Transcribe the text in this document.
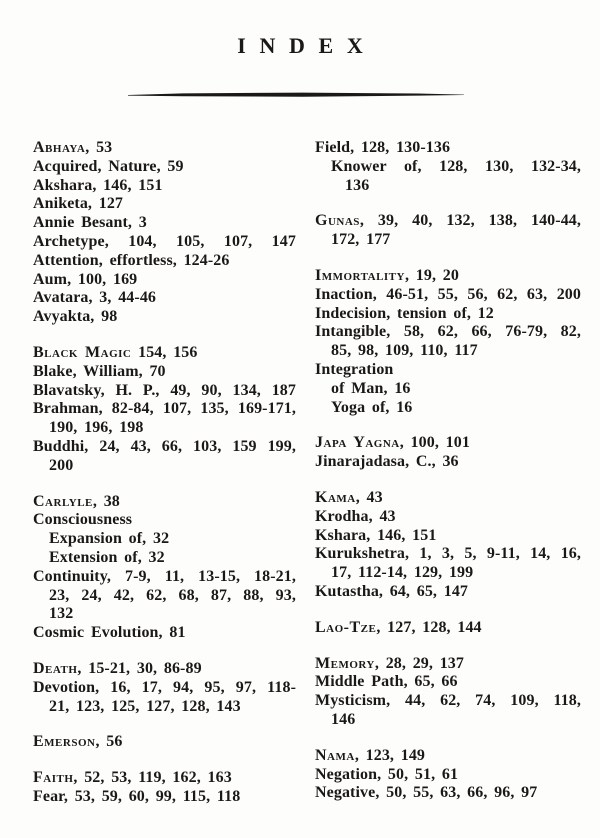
INDEX
Abhaya, 53
Acquired, Nature, 59
Akshara, 146, 151
Aniketa, 127
Annie Besant, 3
Archetype, 104, 105, 107, 147
Attention, effortless, 124-26
Aum, 100, 169
Avatara, 3, 44-46
Avyakta, 98
Black Magic 154, 156
Blake, William, 70
Blavatsky, H. P., 49, 90, 134, 187
Brahman, 82-84, 107, 135, 169-171,
190, 196, 198
Buddhi, 24, 43, 66, 103, 159 199,
200
Carlyle, 38
Consciousness
Expansion of, 32
Extension of, 32
Continuity, 7-9, 11, 13-15, 18-21,
23, 24, 42, 62, 68, 87, 88, 93,
132
Cosmic Evolution, 81
Death, 15-21, 30, 86-89
Devotion, 16, 17, 94, 95, 97, 118-
21, 123, 125, 127, 128, 143
Emerson, 56
Faith, 52, 53, 119, 162, 163
Fear, 53, 59, 60, 99, 115, 118
Field, 128, 130-136
Knower of, 128, 130, 132-34,
136
Gunas, 39, 40, 132, 138, 140-44,
172, 177
Immortality, 19, 20
Inaction, 46-51, 55, 56, 62, 63, 200
Indecision, tension of, 12
Intangible, 58, 62, 66, 76-79, 82,
85, 98, 109, 110, 117
Integration
of Man, 16
Yoga of, 16
Japa Yagna, 100, 101
Jinarajadasa, C., 36
Kama, 43
Krodha, 43
Kshara, 146, 151
Kurukshetra, 1, 3, 5, 9-11, 14, 16,
17, 112-14, 129, 199
Kutastha, 64, 65, 147
Lao-Tze, 127, 128, 144
Memory, 28, 29, 137
Middle Path, 65, 66
Mysticism, 44, 62, 74, 109, 118,
146
Nama, 123, 149
Negation, 50, 51, 61
Negative, 50, 55, 63, 66, 96, 97
